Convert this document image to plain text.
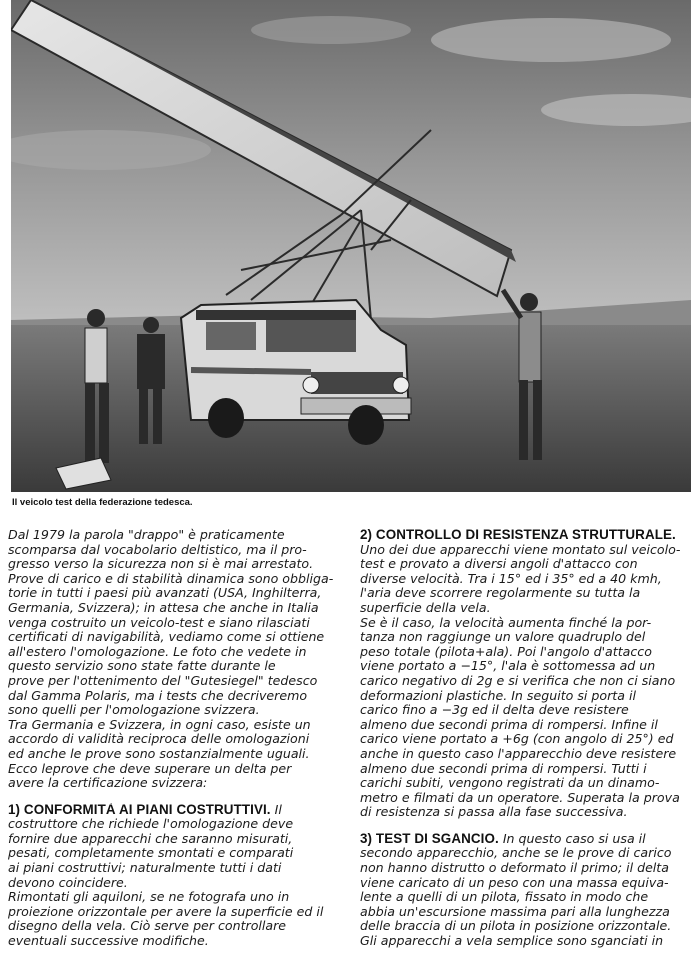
Il veicolo test della federazione tedesca.

Dal 1979 la parola "drappo" è praticamente
scomparsa dal vocabolario deltistico, ma il pro-
gresso verso la sicurezza non si è mai arrestato.
Prove di carico e di stabilità dinamica sono obbliga-
torie in tutti i paesi più avanzati (USA, Inghilterra,
Germania, Svizzera); in attesa che anche in Italia
venga costruito un veicolo-test e siano rilasciati
certificati di navigabilità, vediamo come si ottiene
all'estero l'omologazione. Le foto che vedete in
questo servizio sono state fatte durante le
prove per l'ottenimento del "Gutesiegel" tedesco
dal Gamma Polaris, ma i tests che decriveremo
sono quelli per l'omologazione svizzera.
Tra Germania e Svizzera, in ogni caso, esiste un
accordo di validità reciproca delle omologazioni
ed anche le prove sono sostanzialmente uguali.
Ecco leprove che deve superare un delta per
avere la certificazione svizzera:

1) CONFORMITÀ AI PIANI COSTRUTTIVI. Il
costruttore che richiede l'omologazione deve
fornire due apparecchi che saranno misurati,
pesati, completamente smontati e comparati
ai piani costruttivi; naturalmente tutti i dati
devono coincidere.
Rimontati gli aquiloni, se ne fotografa uno in
proiezione orizzontale per avere la superficie ed il
disegno della vela. Ciò serve per controllare
eventuali successive modifiche.

2) CONTROLLO DI RESISTENZA STRUTTURALE.
Uno dei due apparecchi viene montato sul veicolo-
test e provato a diversi angoli d'attacco con
diverse velocità. Tra i 15° ed i 35° ed a 40 kmh,
l'aria deve scorrere regolarmente su tutta la
superficie della vela.
Se è il caso, la velocità aumenta finché la por-
tanza non raggiunge un valore quadruplo del
peso totale (pilota+ala). Poi l'angolo d'attacco
viene portato a −15°, l'ala è sottomessa ad un
carico negativo di 2g e si verifica che non ci siano
deformazioni plastiche. In seguito si porta il
carico fino a −3g ed il delta deve resistere
almeno due secondi prima di rompersi. Infine il
carico viene portato a +6g (con angolo di 25°) ed
anche in questo caso l'apparecchio deve resistere
almeno due secondi prima di rompersi. Tutti i
carichi subiti, vengono registrati da un dinamo-
metro e filmati da un operatore. Superata la prova
di resistenza si passa alla fase successiva.

3) TEST DI SGANCIO. In questo caso si usa il
secondo apparecchio, anche se le prove di carico
non hanno distrutto o deformato il primo; il delta
viene caricato di un peso con una massa equiva-
lente a quelli di un pilota, fissato in modo che
abbia un'escursione massima pari alla lunghezza
delle braccia di un pilota in posizione orizzontale.
Gli apparecchi a vela semplice sono sganciati in
